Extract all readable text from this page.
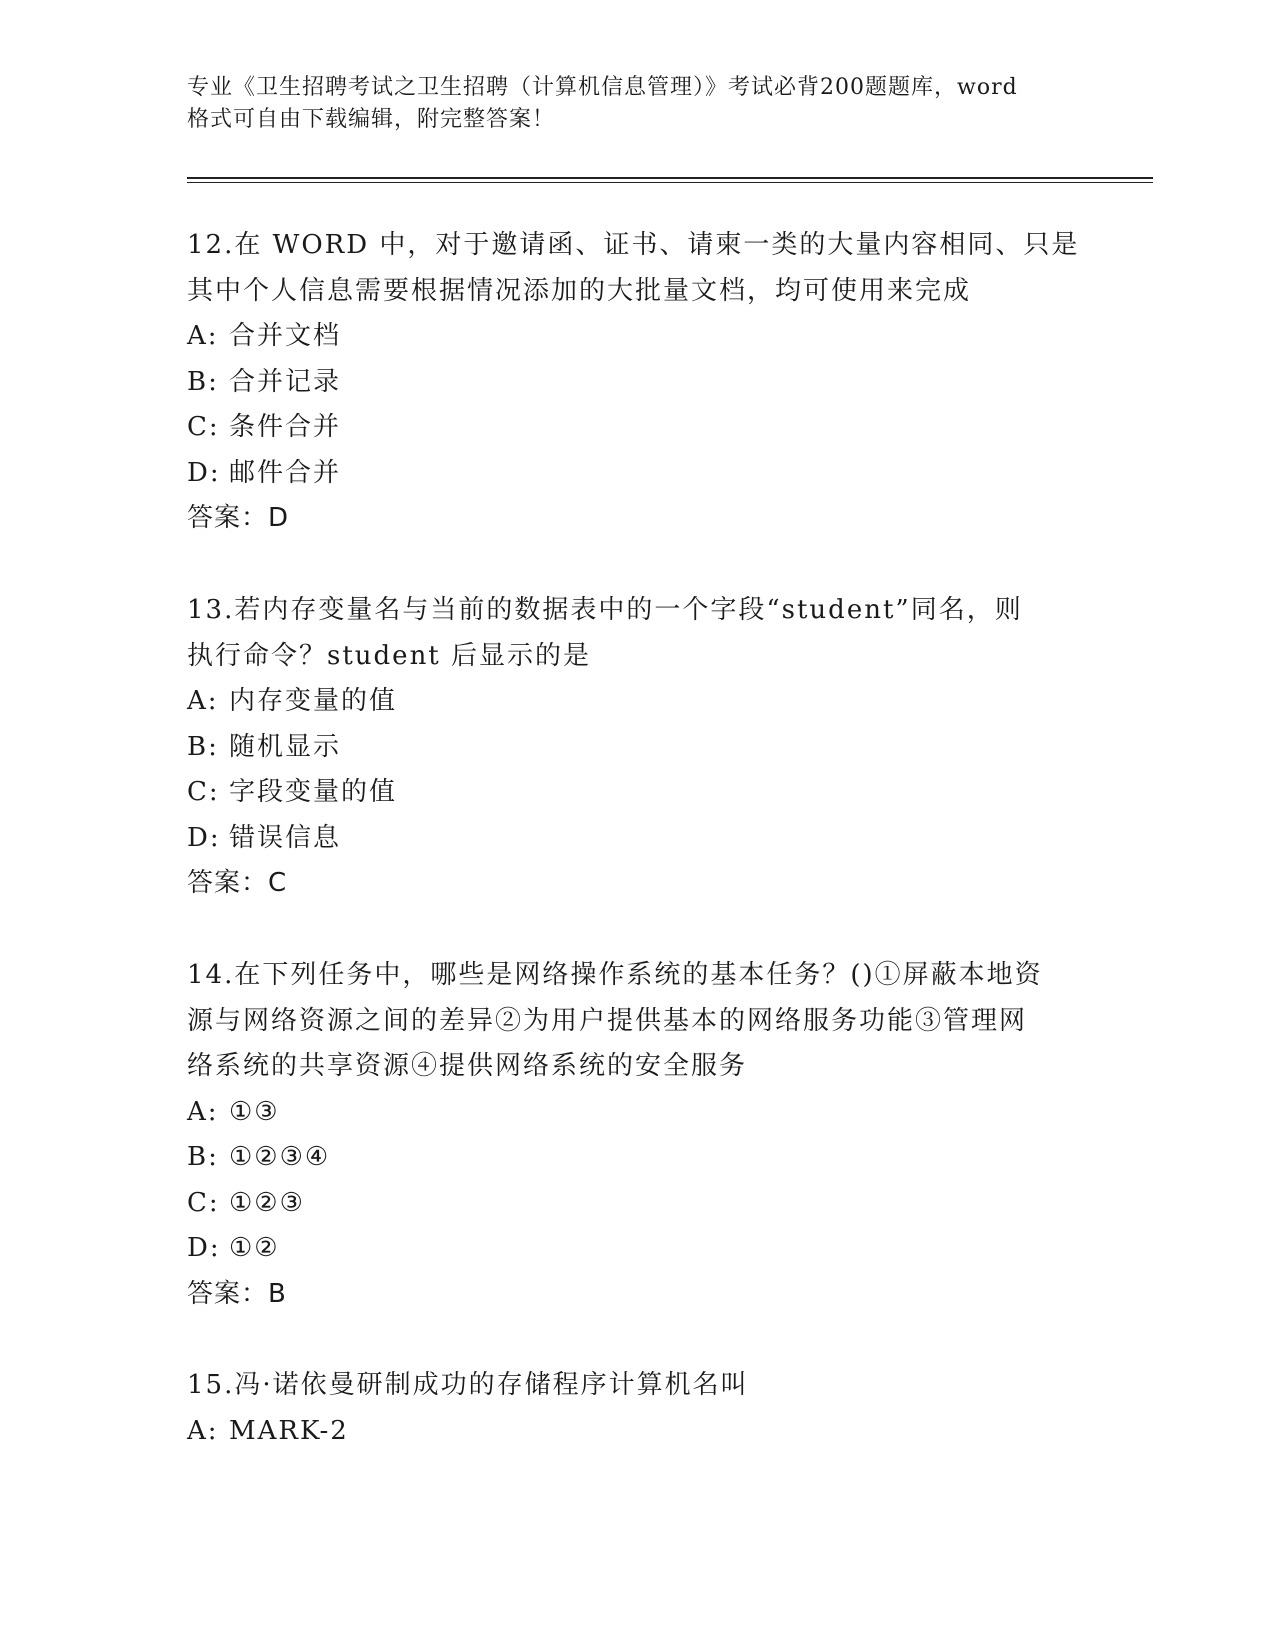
专业《卫生招聘考试之卫生招聘（计算机信息管理）》考试必背200题题库，word
格式可自由下载编辑，附完整答案！

12.在 WORD 中，对于邀请函、证书、请柬一类的大量内容相同、只是

其中个人信息需要根据情况添加的大批量文档，均可使用来完成

A: 合并文档

B: 合并记录

C: 条件合并

D: 邮件合并

答案：D

13.若内存变量名与当前的数据表中的一个字段“student”同名，则

执行命令？student 后显示的是

A: 内存变量的值

B: 随机显示

C: 字段变量的值

D: 错误信息

答案：C

14.在下列任务中，哪些是网络操作系统的基本任务？()①屏蔽本地资

源与网络资源之间的差异②为用户提供基本的网络服务功能③管理网

络系统的共享资源④提供网络系统的安全服务

A: ①③

B: ①②③④

C: ①②③

D: ①②

答案：B

15.冯·诺依曼研制成功的存储程序计算机名叫

A: MARK-2
